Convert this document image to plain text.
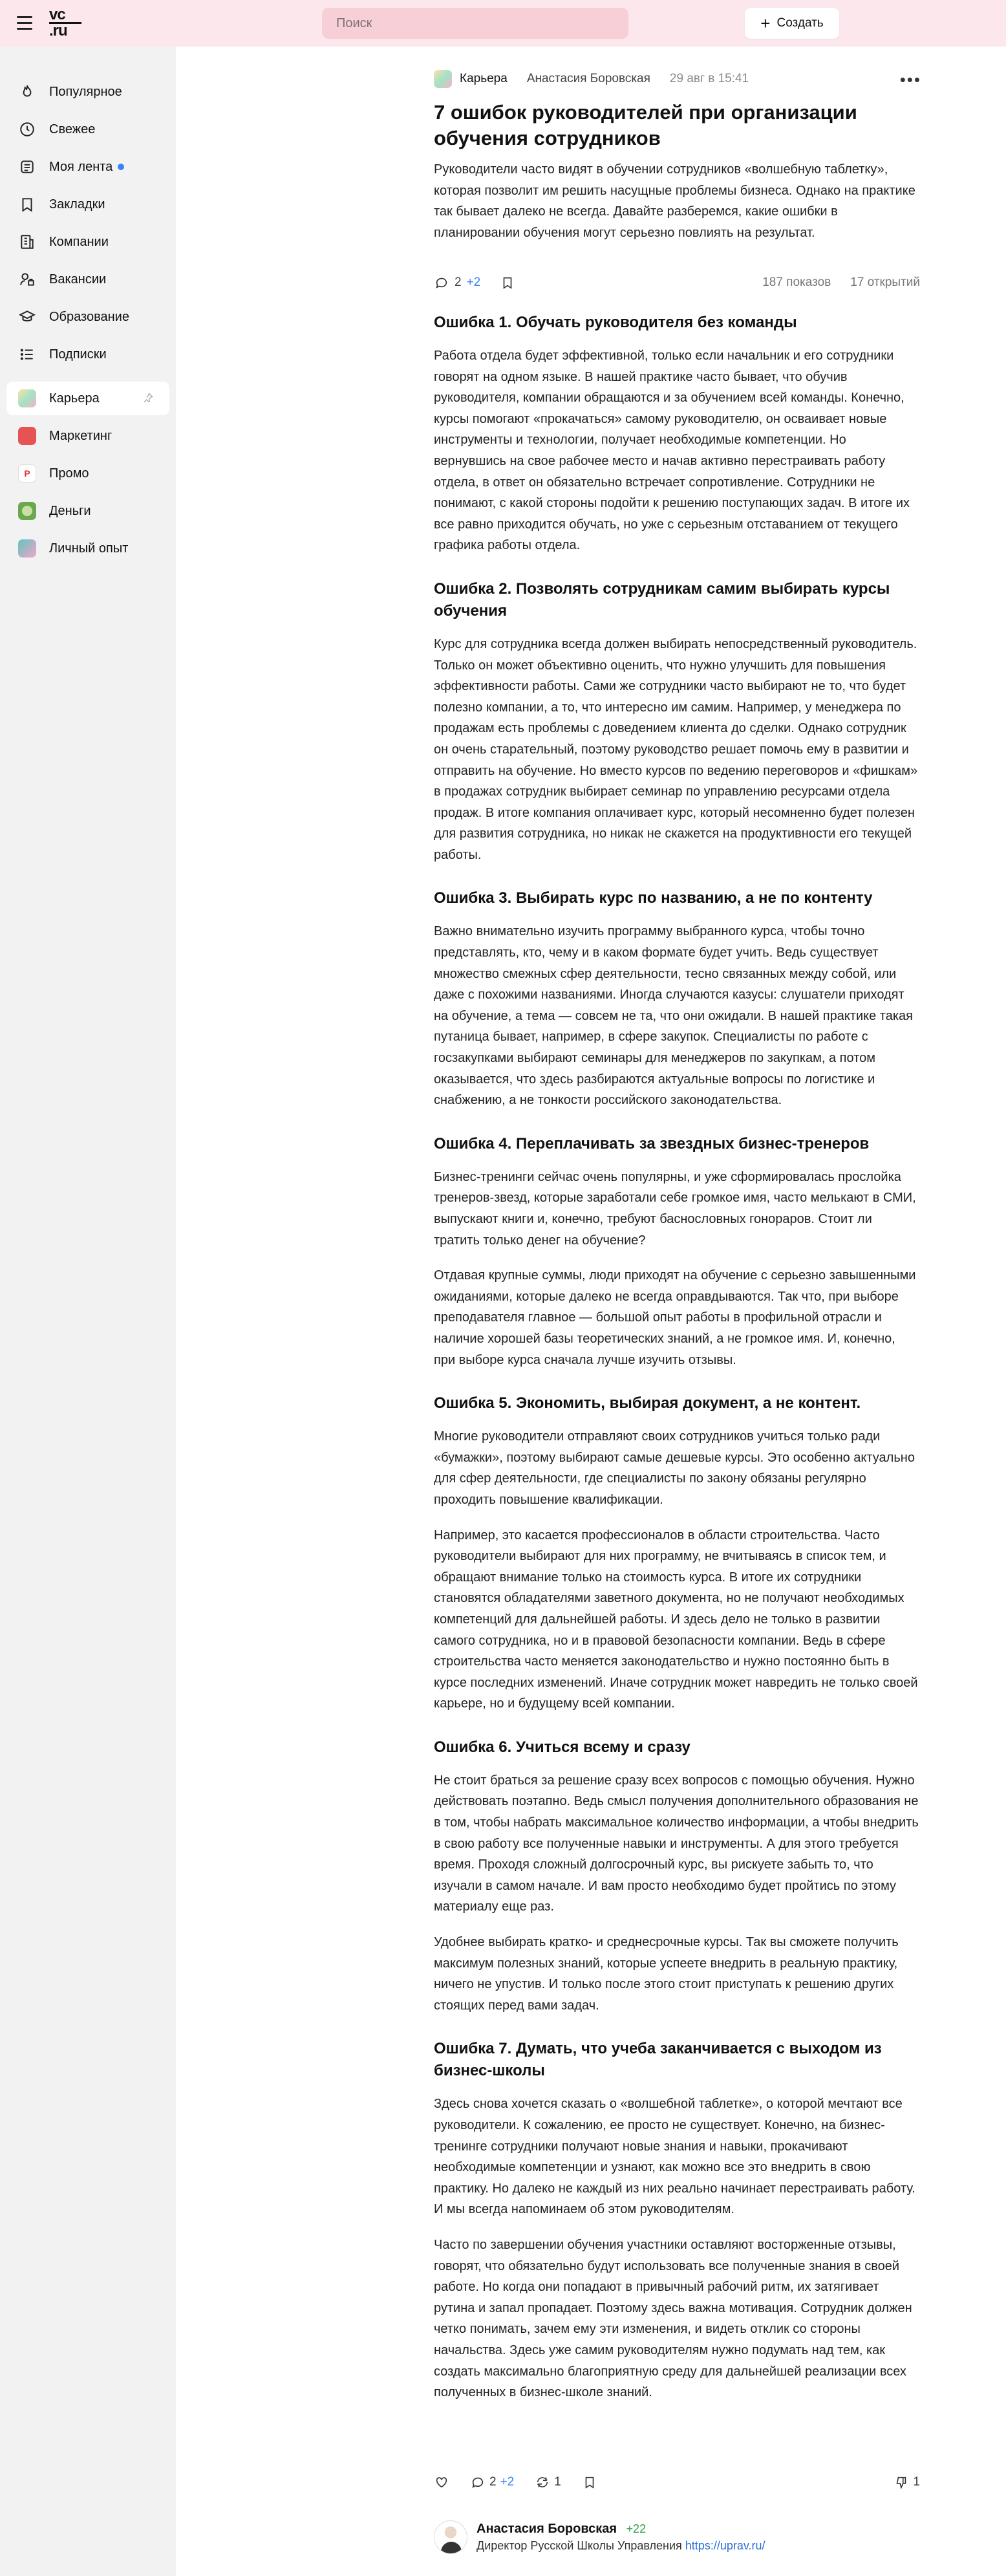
vc
.ru	Поиск	+ Создать
Популярное
Свежее
Моя лента
Закладки
Компании
Вакансии
Образование
Подписки
Карьера
Маркетинг
P	Промо
Деньги
Личный опыт
Карьера Анастасия Боровская 29 авг в 15:41	•••
7 ошибок руководителей при организации обучения сотрудников
Руководители часто видят в обучении сотрудников «волшебную таблетку», которая позволит им решить насущные проблемы бизнеса. Однако на практике так бывает далеко не всегда. Давайте разберемся, какие ошибки в планировании обучения могут серьезно повлиять на результат.
2 +2	187 показов 17 открытий
Ошибка 1. Обучать руководителя без команды

Работа отдела будет эффективной, только если начальник и его сотрудники говорят на одном языке. В нашей практике часто бывает, что обучив руководителя, компании обращаются и за обучением всей команды. Конечно, курсы помогают «прокачаться» самому руководителю, он осваивает новые инструменты и технологии, получает необходимые компетенции. Но вернувшись на свое рабочее место и начав активно перестраивать работу отдела, в ответ он обязательно встречает сопротивление. Сотрудники не понимают, с какой стороны подойти к решению поступающих задач. В итоге их все равно приходится обучать, но уже с серьезным отставанием от текущего графика работы отдела.

Ошибка 2. Позволять сотрудникам самим выбирать курсы обучения

Курс для сотрудника всегда должен выбирать непосредственный руководитель. Только он может объективно оценить, что нужно улучшить для повышения эффективности работы. Сами же сотрудники часто выбирают не то, что будет полезно компании, а то, что интересно им самим. Например, у менеджера по продажам есть проблемы с доведением клиента до сделки. Однако сотрудник он очень старательный, поэтому руководство решает помочь ему в развитии и отправить на обучение. Но вместо курсов по ведению переговоров и «фишкам» в продажах сотрудник выбирает семинар по управлению ресурсами отдела продаж. В итоге компания оплачивает курс, который несомненно будет полезен для развития сотрудника, но никак не скажется на продуктивности его текущей работы.

Ошибка 3. Выбирать курс по названию, а не по контенту

Важно внимательно изучить программу выбранного курса, чтобы точно представлять, кто, чему и в каком формате будет учить. Ведь существует множество смежных сфер деятельности, тесно связанных между собой, или даже с похожими названиями. Иногда случаются казусы: слушатели приходят на обучение, а тема — совсем не та, что они ожидали. В нашей практике такая путаница бывает, например, в сфере закупок. Специалисты по работе с госзакупками выбирают семинары для менеджеров по закупкам, а потом оказывается, что здесь разбираются актуальные вопросы по логистике и снабжению, а не тонкости российского законодательства.

Ошибка 4. Переплачивать за звездных бизнес-тренеров

Бизнес-тренинги сейчас очень популярны, и уже сформировалась прослойка тренеров-звезд, которые заработали себе громкое имя, часто мелькают в СМИ, выпускают книги и, конечно, требуют баснословных гонораров. Стоит ли тратить только денег на обучение?

Отдавая крупные суммы, люди приходят на обучение с серьезно завышенными ожиданиями, которые далеко не всегда оправдываются. Так что, при выборе преподавателя главное — большой опыт работы в профильной отрасли и наличие хорошей базы теоретических знаний, а не громкое имя. И, конечно, при выборе курса сначала лучше изучить отзывы.

Ошибка 5. Экономить, выбирая документ, а не контент.

Многие руководители отправляют своих сотрудников учиться только ради «бумажки», поэтому выбирают самые дешевые курсы. Это особенно актуально для сфер деятельности, где специалисты по закону обязаны регулярно проходить повышение квалификации.

Например, это касается профессионалов в области строительства. Часто руководители выбирают для них программу, не вчитываясь в список тем, и обращают внимание только на стоимость курса. В итоге их сотрудники становятся обладателями заветного документа, но не получают необходимых компетенций для дальнейшей работы. И здесь дело не только в развитии самого сотрудника, но и в правовой безопасности компании. Ведь в сфере строительства часто меняется законодательство и нужно постоянно быть в курсе последних изменений. Иначе сотрудник может навредить не только своей карьере, но и будущему всей компании.

Ошибка 6. Учиться всему и сразу

Не стоит браться за решение сразу всех вопросов с помощью обучения. Нужно действовать поэтапно. Ведь смысл получения дополнительного образования не в том, чтобы набрать максимальное количество информации, а чтобы внедрить в свою работу все полученные навыки и инструменты. А для этого требуется время. Проходя сложный долгосрочный курс, вы рискуете забыть то, что изучали в самом начале. И вам просто необходимо будет пройтись по этому материалу еще раз.

Удобнее выбирать кратко- и среднесрочные курсы. Так вы сможете получить максимум полезных знаний, которые успеете внедрить в реальную практику, ничего не упустив. И только после этого стоит приступать к решению других стоящих перед вами задач.

Ошибка 7. Думать, что учеба заканчивается с выходом из бизнес-школы

Здесь снова хочется сказать о «волшебной таблетке», о которой мечтают все руководители. К сожалению, ее просто не существует. Конечно, на бизнес-тренинге сотрудники получают новые знания и навыки, прокачивают необходимые компетенции и узнают, как можно все это внедрить в свою практику. Но далеко не каждый из них реально начинает перестраивать работу. И мы всегда напоминаем об этом руководителям.

Часто по завершении обучения участники оставляют восторженные отзывы, говорят, что обязательно будут использовать все полученные знания в своей работе. Но когда они попадают в привычный рабочий ритм, их затягивает рутина и запал пропадает. Поэтому здесь важна мотивация. Сотрудник должен четко понимать, зачем ему эти изменения, и видеть отклик со стороны начальства. Здесь уже самим руководителям нужно подумать над тем, как создать максимально благоприятную среду для дальнейшей реализации всех полученных в бизнес-школе знаний.

2 +2	1	1
Анастасия Боровская +22
Директор Русской Школы Управления https://uprav.ru/
